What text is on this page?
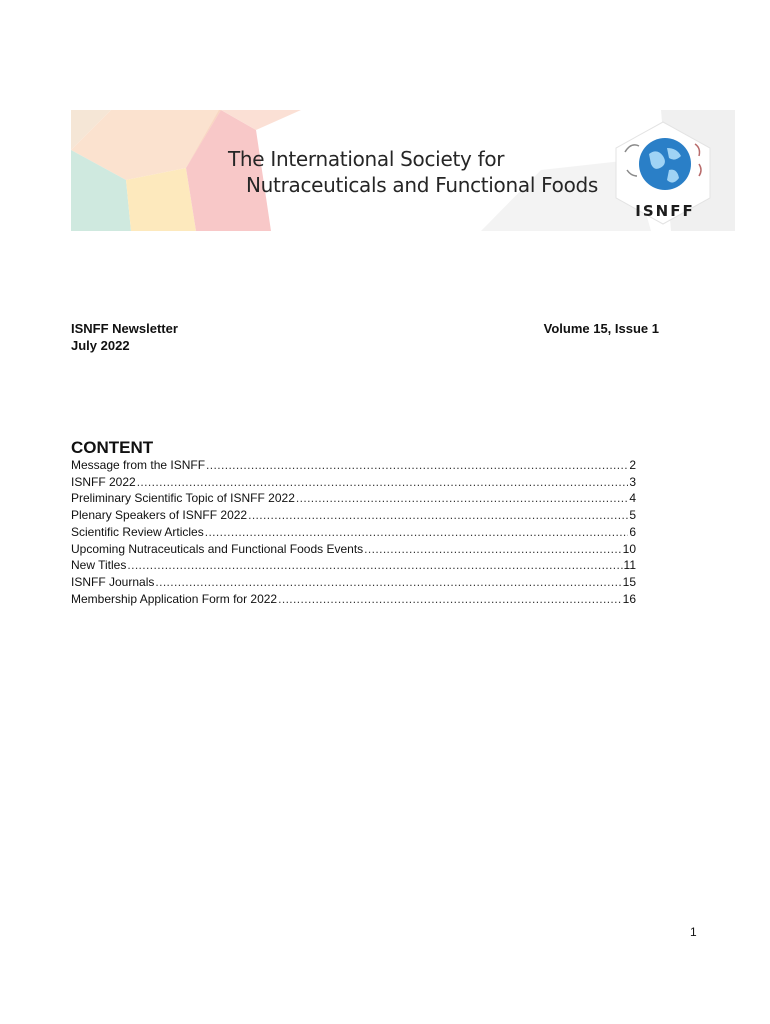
The International Society for
Nutraceuticals and Functional Foods
ISNFF
ISNFF Newsletter
July 2022
Volume 15, Issue 1
CONTENT
Message from the ISNFF .....	2
ISNFF 2022 .....	3
Preliminary Scientific Topic of ISNFF 2022 .....	4
Plenary Speakers of ISNFF 2022 .....	5
Scientific Review Articles .....	6
Upcoming Nutraceuticals and Functional Foods Events .....	10
New Titles .....	11
ISNFF Journals .....	15
Membership Application Form for 2022 .....	16
1
